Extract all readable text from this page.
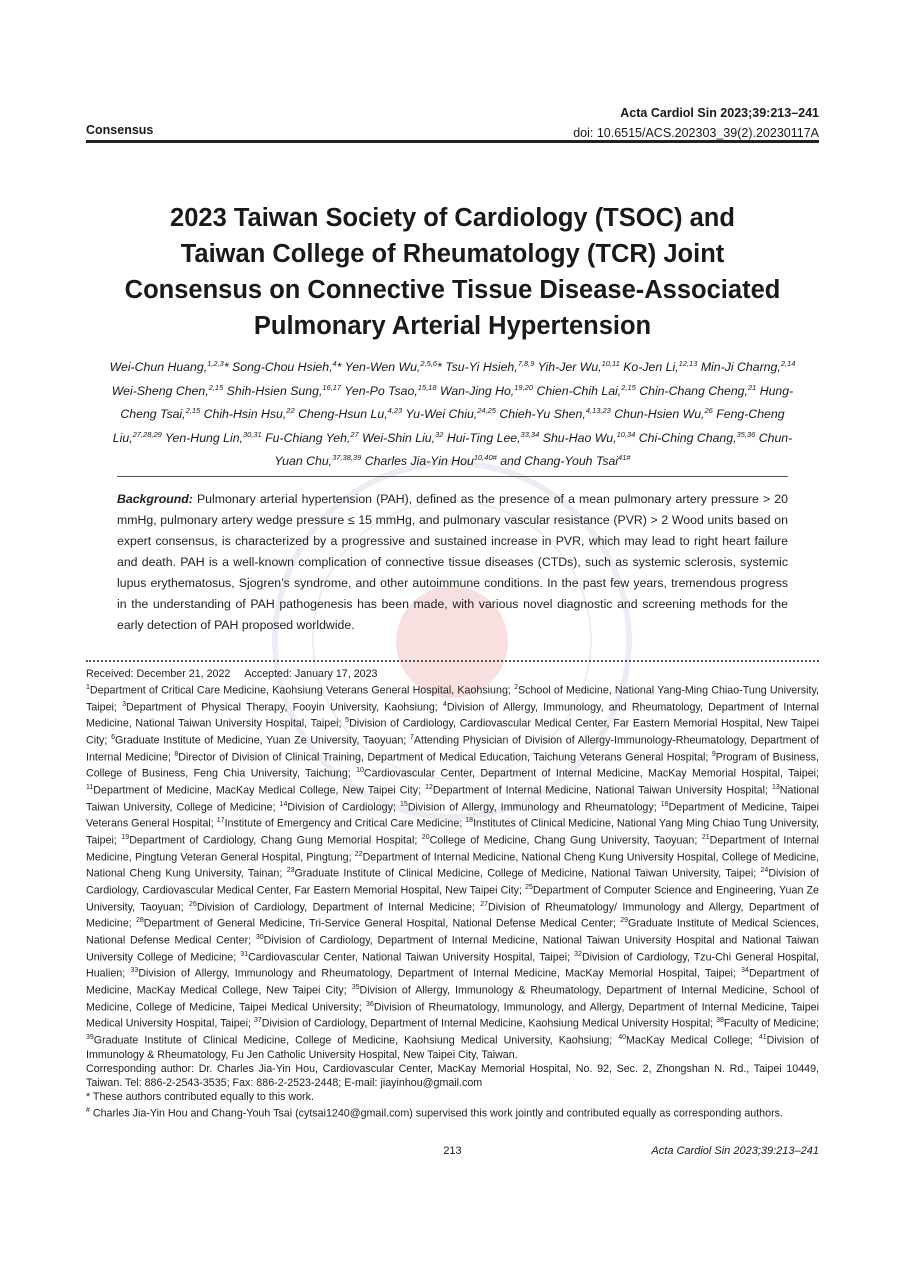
Acta Cardiol Sin 2023;39:213–241
doi: 10.6515/ACS.202303_39(2).20230117A
Consensus
2023 Taiwan Society of Cardiology (TSOC) and
Taiwan College of Rheumatology (TCR) Joint
Consensus on Connective Tissue Disease-Associated
Pulmonary Arterial Hypertension
Wei-Chun Huang,$^{1,2,3}$* Song-Chou Hsieh,$^4$* Yen-Wen Wu,$^{2,5,6}$* Tsu-Yi Hsieh,$^{7,8,9}$ Yih-Jer Wu,$^{10,11}$ Ko-Jen Li,$^{12,13}$ Min-Ji Charng,$^{2,14}$ Wei-Sheng Chen,$^{2,15}$ Shih-Hsien Sung,$^{16,17}$ Yen-Po Tsao,$^{15,18}$ Wan-Jing Ho,$^{19,20}$ Chien-Chih Lai,$^{2,15}$ Chin-Chang Cheng,$^{21}$ Hung-Cheng Tsai,$^{2,15}$ Chih-Hsin Hsu,$^{22}$ Cheng-Hsun Lu,$^{4,23}$ Yu-Wei Chiu,$^{24,25}$ Chieh-Yu Shen,$^{4,13,23}$ Chun-Hsien Wu,$^{26}$ Feng-Cheng Liu,$^{27,28,29}$ Yen-Hung Lin,$^{30,31}$ Fu-Chiang Yeh,$^{27}$ Wei-Shin Liu,$^{32}$ Hui-Ting Lee,$^{33,34}$ Shu-Hao Wu,$^{10,34}$ Chi-Ching Chang,$^{35,36}$ Chun-Yuan Chu,$^{37,38,39}$ Charles Jia-Yin Hou$^{10,40\#}$ and Chang-Youh Tsai$^{41\#}$
Background: Pulmonary arterial hypertension (PAH), defined as the presence of a mean pulmonary artery pressure > 20 mmHg, pulmonary artery wedge pressure ≤ 15 mmHg, and pulmonary vascular resistance (PVR) > 2 Wood units based on expert consensus, is characterized by a progressive and sustained increase in PVR, which may lead to right heart failure and death. PAH is a well-known complication of connective tissue diseases (CTDs), such as systemic sclerosis, systemic lupus erythematosus, Sjogren’s syndrome, and other autoimmune conditions. In the past few years, tremendous progress in the understanding of PAH pathogenesis has been made, with various novel diagnostic and screening methods for the early detection of PAH proposed worldwide.

Received: December 21, 2022 Accepted: January 17, 2023

$^1$Department of Critical Care Medicine, Kaohsiung Veterans General Hospital, Kaohsiung; $^2$School of Medicine, National Yang-Ming Chiao-Tung University, Taipei; $^3$Department of Physical Therapy, Fooyin University, Kaohsiung; $^4$Division of Allergy, Immunology, and Rheumatology, Department of Internal Medicine, National Taiwan University Hospital, Taipei; $^5$Division of Cardiology, Cardiovascular Medical Center, Far Eastern Memorial Hospital, New Taipei City; $^6$Graduate Institute of Medicine, Yuan Ze University, Taoyuan; $^7$Attending Physician of Division of Allergy-Immunology-Rheumatology, Department of Internal Medicine; $^8$Director of Division of Clinical Training, Department of Medical Education, Taichung Veterans General Hospital; $^9$Program of Business, College of Business, Feng Chia University, Taichung; $^{10}$Cardiovascular Center, Department of Internal Medicine, MacKay Memorial Hospital, Taipei; $^{11}$Department of Medicine, MacKay Medical College, New Taipei City; $^{12}$Department of Internal Medicine, National Taiwan University Hospital; $^{13}$National Taiwan University, College of Medicine; $^{14}$Division of Cardiology; $^{15}$Division of Allergy, Immunology and Rheumatology; $^{16}$Department of Medicine, Taipei Veterans General Hospital; $^{17}$Institute of Emergency and Critical Care Medicine; $^{18}$Institutes of Clinical Medicine, National Yang Ming Chiao Tung University, Taipei; $^{19}$Department of Cardiology, Chang Gung Memorial Hospital; $^{20}$College of Medicine, Chang Gung University, Taoyuan; $^{21}$Department of Internal Medicine, Pingtung Veteran General Hospital, Pingtung; $^{22}$Department of Internal Medicine, National Cheng Kung University Hospital, College of Medicine, National Cheng Kung University, Tainan; $^{23}$Graduate Institute of Clinical Medicine, College of Medicine, National Taiwan University, Taipei; $^{24}$Division of Cardiology, Cardiovascular Medical Center, Far Eastern Memorial Hospital, New Taipei City; $^{25}$Department of Computer Science and Engineering, Yuan Ze University, Taoyuan; $^{26}$Division of Cardiology, Department of Internal Medicine; $^{27}$Division of Rheumatology/ Immunology and Allergy, Department of Medicine; $^{28}$Department of General Medicine, Tri-Service General Hospital, National Defense Medical Center; $^{29}$Graduate Institute of Medical Sciences, National Defense Medical Center; $^{30}$Division of Cardiology, Department of Internal Medicine, National Taiwan University Hospital and National Taiwan University College of Medicine; $^{31}$Cardiovascular Center, National Taiwan University Hospital, Taipei; $^{32}$Division of Cardiology, Tzu-Chi General Hospital, Hualien; $^{33}$Division of Allergy, Immunology and Rheumatology, Department of Internal Medicine, MacKay Memorial Hospital, Taipei; $^{34}$Department of Medicine, MacKay Medical College, New Taipei City; $^{35}$Division of Allergy, Immunology & Rheumatology, Department of Internal Medicine, School of Medicine, College of Medicine, Taipei Medical University; $^{36}$Division of Rheumatology, Immunology, and Allergy, Department of Internal Medicine, Taipei Medical University Hospital, Taipei; $^{37}$Division of Cardiology, Department of Internal Medicine, Kaohsiung Medical University Hospital; $^{38}$Faculty of Medicine; $^{39}$Graduate Institute of Clinical Medicine, College of Medicine, Kaohsiung Medical University, Kaohsiung; $^{40}$MacKay Medical College; $^{41}$Division of Immunology & Rheumatology, Fu Jen Catholic University Hospital, New Taipei City, Taiwan.

Corresponding author: Dr. Charles Jia-Yin Hou, Cardiovascular Center, MacKay Memorial Hospital, No. 92, Sec. 2, Zhongshan N. Rd., Taipei 10449, Taiwan. Tel: 886-2-2543-3535; Fax: 886-2-2523-2448; E-mail: jiayinhou@gmail.com

* These authors contributed equally to this work.

# Charles Jia-Yin Hou and Chang-Youh Tsai (cytsai1240@gmail.com) supervised this work jointly and contributed equally as corresponding authors.

213	Acta Cardiol Sin 2023;39:213–241
